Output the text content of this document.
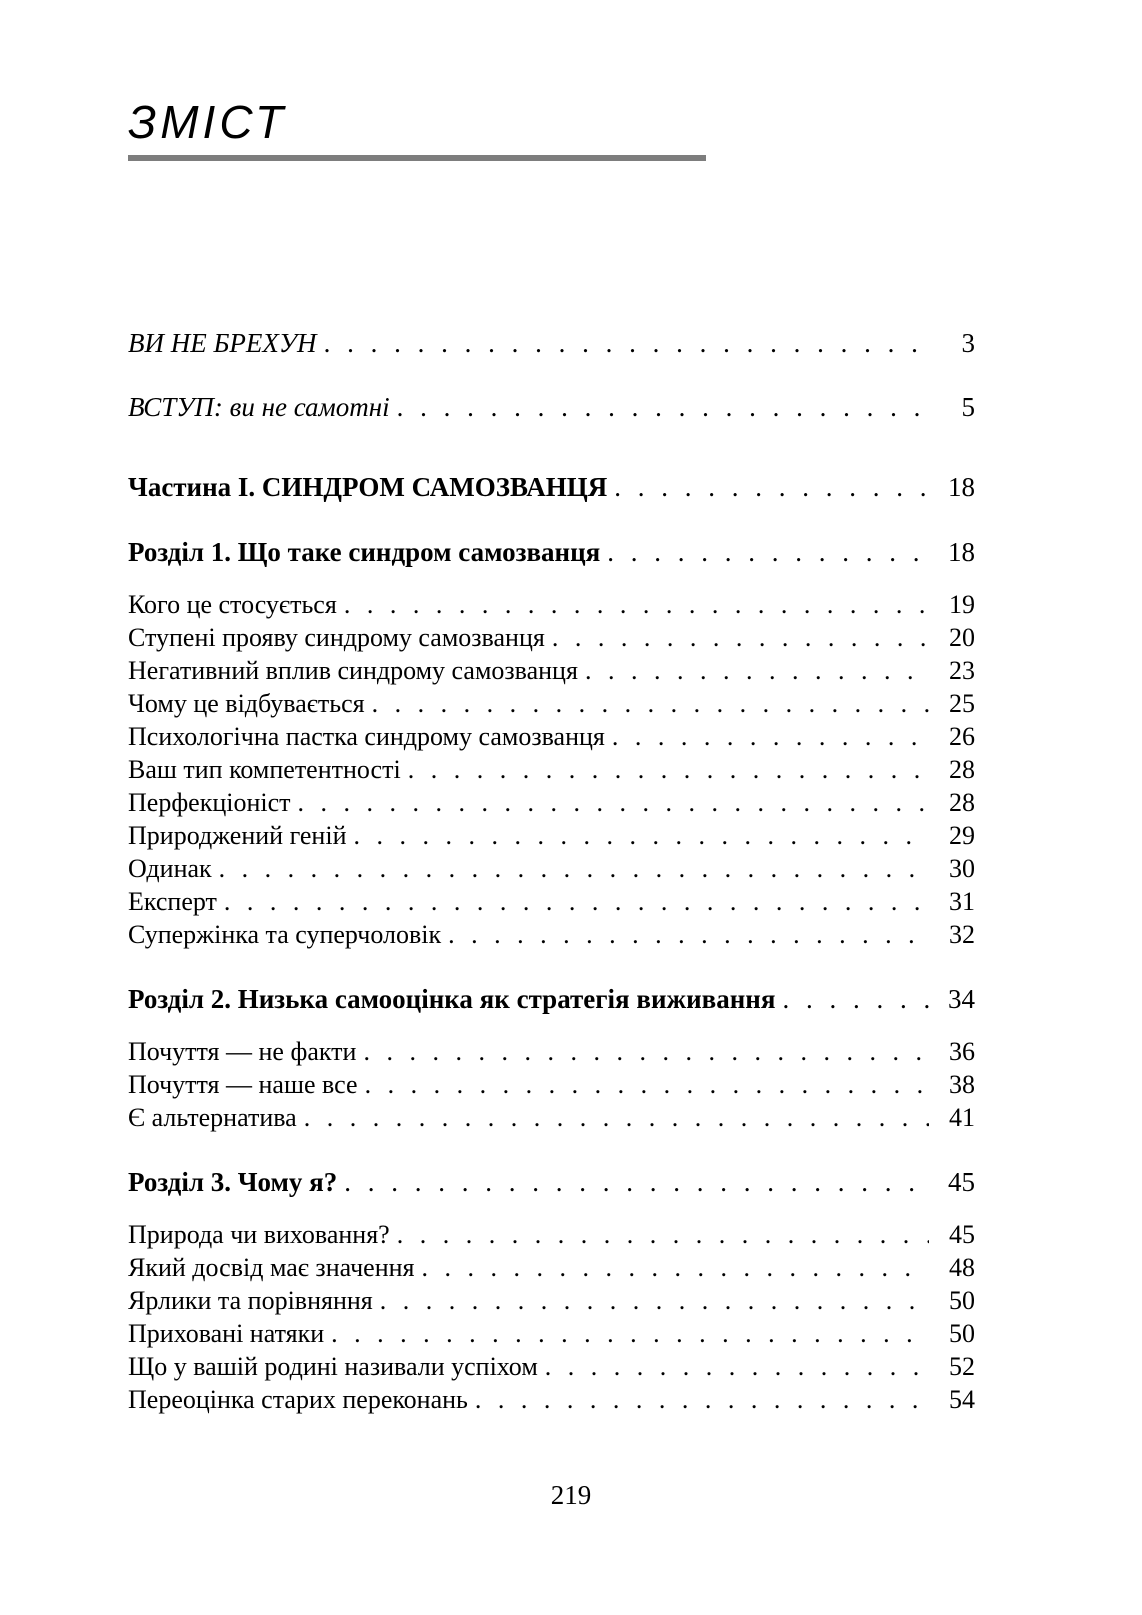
ЗМІСТ
ВИ НЕ БРЕХУН . . .	3
ВСТУП: ви не самотні . . .	5
Частина І. СИНДРОМ САМОЗВАНЦЯ . . .	18
Розділ 1. Що таке синдром самозванця . . .	18
Кого це стосується . . .	19
Ступені прояву синдрому самозванця . . .	20
Негативний вплив синдрому самозванця . . .	23
Чому це відбувається . . .	25
Психологічна пастка синдрому самозванця . . .	26
Ваш тип компетентності . . .	28
Перфекціоніст . . .	28
Природжений геній . . .	29
Одинак . . .	30
Експерт . . .	31
Супержінка та суперчоловік . . .	32
Розділ 2. Низька самооцінка як стратегія виживання . . .	34
Почуття — не факти . . .	36
Почуття — наше все . . .	38
Є альтернатива . . .	41
Розділ 3. Чому я? . . .	45
Природа чи виховання? . . .	45
Який досвід має значення . . .	48
Ярлики та порівняння . . .	50
Приховані натяки . . .	50
Що у вашій родині називали успіхом . . .	52
Переоцінка старих переконань . . .	54
219
